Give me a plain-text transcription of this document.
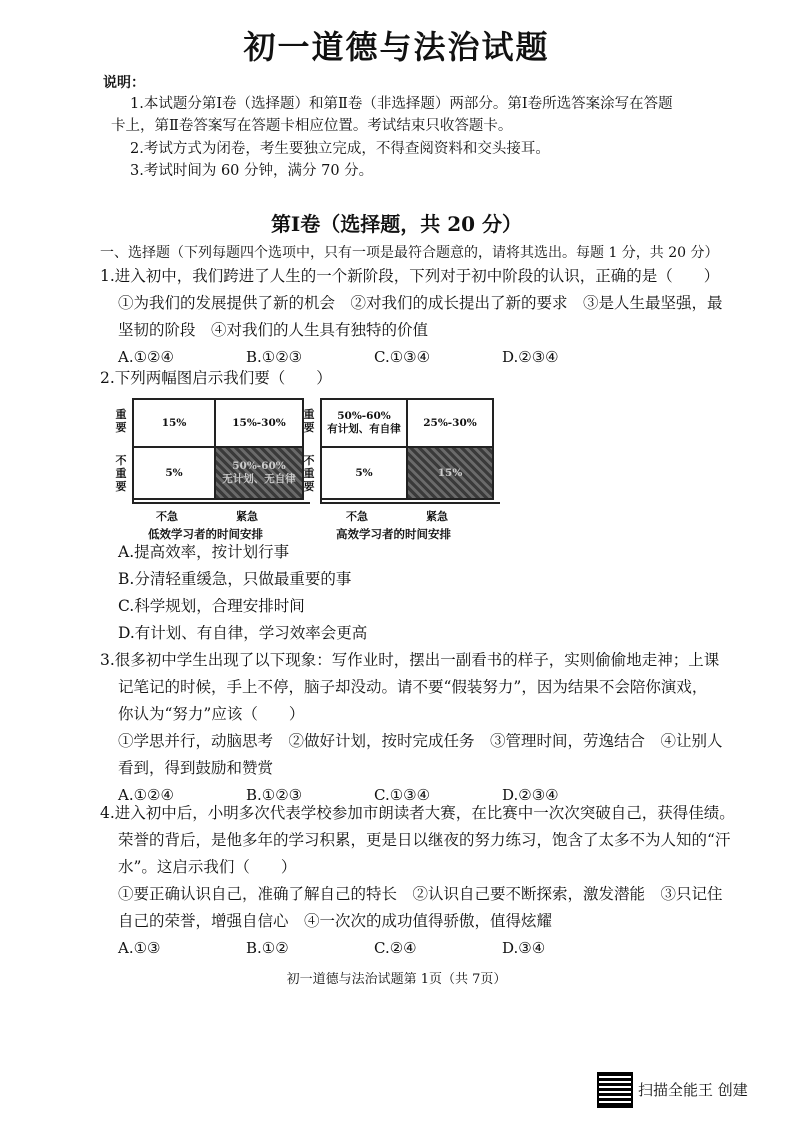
初一道德与法治试题
说明：
1.本试题分第Ⅰ卷（选择题）和第Ⅱ卷（非选择题）两部分。第Ⅰ卷所选答案涂写在答题
卡上，第Ⅱ卷答案写在答题卡相应位置。考试结束只收答题卡。
2.考试方式为闭卷，考生要独立完成，不得查阅资料和交头接耳。
3.考试时间为 60 分钟，满分 70 分。
第Ⅰ卷（选择题，共 20 分）
一、选择题（下列每题四个选项中，只有一项是最符合题意的，请将其选出。每题 1 分，共 20 分）
1.进入初中，我们跨进了人生的一个新阶段，下列对于初中阶段的认识，正确的是（　　）
①为我们的发展提供了新的机会　②对我们的成长提出了新的要求　③是人生最坚强，最
坚韧的阶段　④对我们的人生具有独特的价值
A.①②④	B.①②③	C.①③④	D.②③④
2.下列两幅图启示我们要（　　）
重要
不重要
15%	15%-30%
5%
50%-60%
无计划、无自律
不急	紧急
低效学习者的时间安排
重要
不重要
50%-60%
有计划、有自律
25%-30%
5%	15%
不急	紧急
高效学习者的时间安排
A.提高效率，按计划行事
B.分清轻重缓急，只做最重要的事
C.科学规划，合理安排时间
D.有计划、有自律，学习效率会更高
3.很多初中学生出现了以下现象：写作业时，摆出一副看书的样子，实则偷偷地走神；上课
记笔记的时候，手上不停，脑子却没动。请不要“假装努力”，因为结果不会陪你演戏，
你认为“努力”应该（　　）
①学思并行，动脑思考　②做好计划，按时完成任务　③管理时间，劳逸结合　④让别人
看到，得到鼓励和赞赏
A.①②④	B.①②③	C.①③④	D.②③④
4.进入初中后，小明多次代表学校参加市朗读者大赛，在比赛中一次次突破自己，获得佳绩。
荣誉的背后，是他多年的学习积累，更是日以继夜的努力练习，饱含了太多不为人知的“汗
水”。这启示我们（　　）
①要正确认识自己，准确了解自己的特长　②认识自己要不断探索，激发潜能　③只记住
自己的荣誉，增强自信心　④一次次的成功值得骄傲，值得炫耀
A.①③	B.①②	C.②④	D.③④
初一道德与法治试题第 1页（共 7页）
扫描全能王 创建
